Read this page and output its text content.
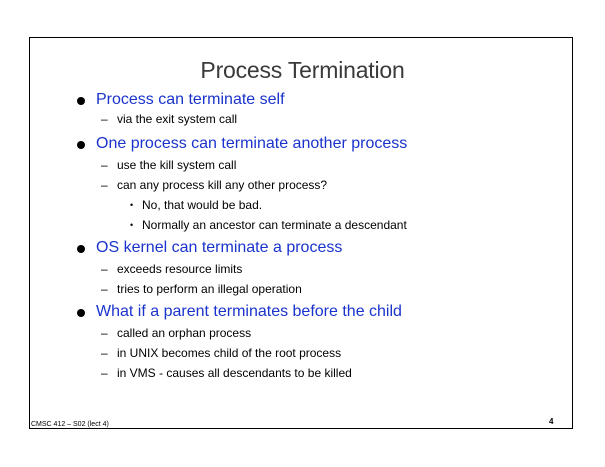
Process Termination
Process can terminate self
– via the exit system call
One process can terminate another process
– use the kill system call
– can any process kill any other process?
• No, that would be bad.
• Normally an ancestor can terminate a descendant
OS kernel can terminate a process
– exceeds resource limits
– tries to perform an illegal operation
What if a parent terminates before the child
– called an orphan process
– in UNIX becomes child of the root process
– in VMS - causes all descendants to be killed
CMSC 412 – S02 (lect 4)	4
